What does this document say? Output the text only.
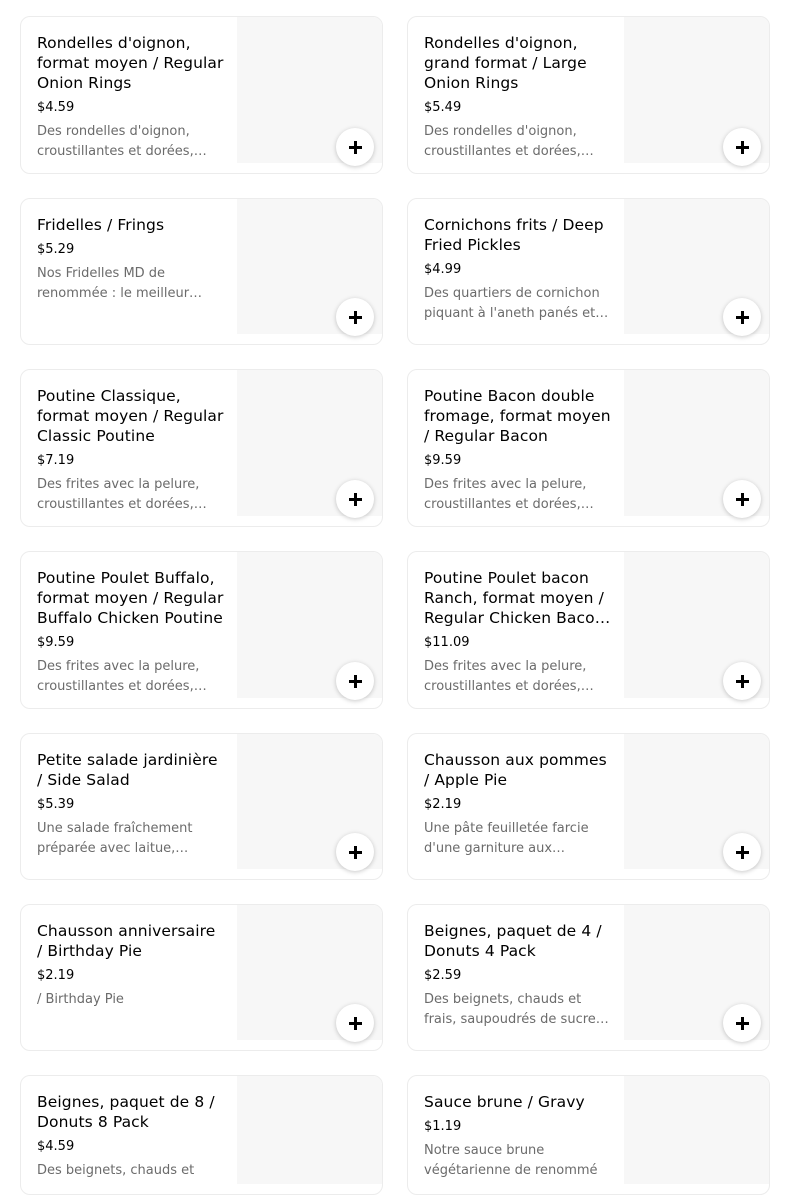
Rondelles d'oignon, format moyen / Regular Onion Rings
$4.59
Des rondelles d'oignon, croustillantes et dorées,…
Rondelles d'oignon, grand format / Large Onion Rings
$5.49
Des rondelles d'oignon, croustillantes et dorées,…
Fridelles / Frings
$5.29
Nos Fridelles MD de renommée : le meilleur
Cornichons frits / Deep Fried Pickles
$4.99
Des quartiers de cornichon piquant à l'aneth panés et…
Poutine Classique, format moyen / Regular Classic Poutine
$7.19
Des frites avec la pelure, croustillantes et dorées,…
Poutine Bacon double fromage, format moyen / Regular Bacon
$9.59
Des frites avec la pelure, croustillantes et dorées,…
Poutine Poulet Buffalo, format moyen / Regular Buffalo Chicken Poutine
$9.59
Des frites avec la pelure, croustillantes et dorées,…
Poutine Poulet bacon Ranch, format moyen / Regular Chicken Baco…
$11.09
Des frites avec la pelure, croustillantes et dorées,…
Petite salade jardinière / Side Salad
$5.39
Une salade fraîchement préparée avec laitue,…
Chausson aux pommes / Apple Pie
$2.19
Une pâte feuilletée farcie d'une garniture aux
Chausson anniversaire / Birthday Pie
$2.19
/ Birthday Pie
Beignes, paquet de 4 / Donuts 4 Pack
$2.59
Des beignets, chauds et frais, saupoudrés de sucre
Beignes, paquet de 8 / Donuts 8 Pack
$4.59
Des beignets, chauds et
Sauce brune / Gravy
$1.19
Notre sauce brune végétarienne de renommé
